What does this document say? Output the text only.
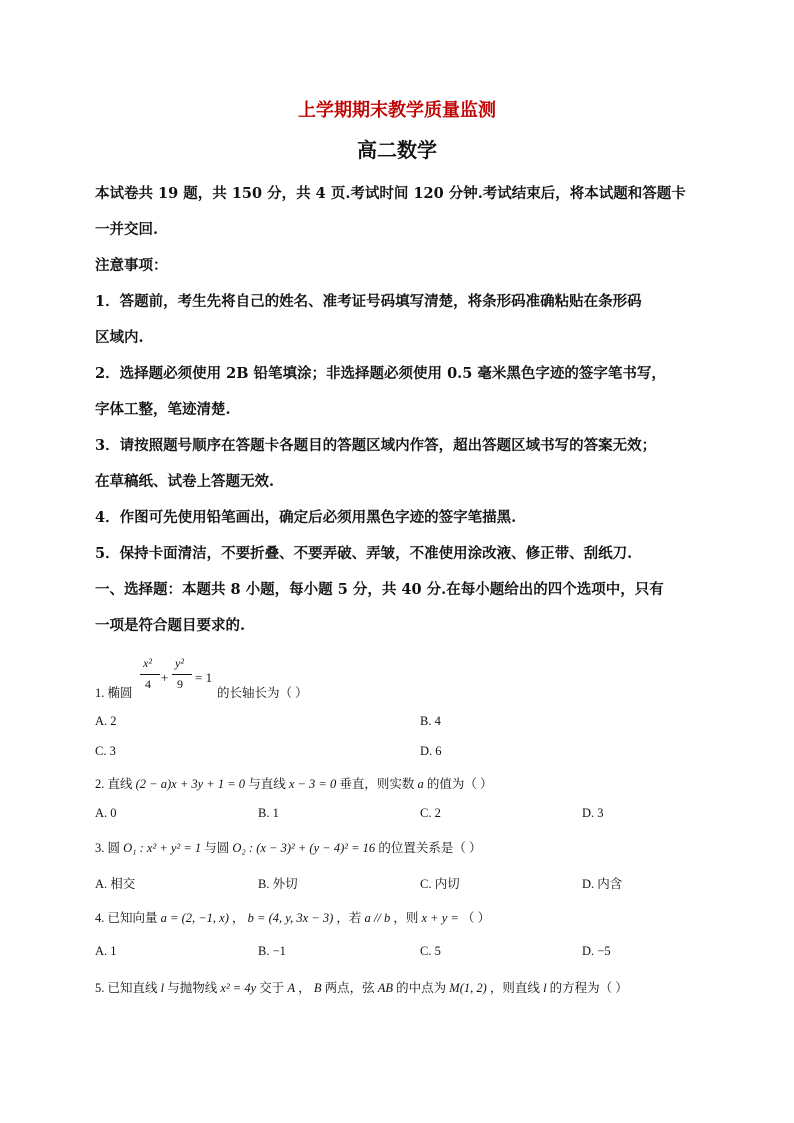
上学期期末教学质量监测
高二数学
本试卷共 19 题，共 150 分，共 4 页.考试时间 120 分钟.考试结束后，将本试题和答题卡
一并交回.
注意事项：
1．答题前，考生先将自己的姓名、准考证号码填写清楚，将条形码准确粘贴在条形码
区域内.
2．选择题必须使用 2B 铅笔填涂；非选择题必须使用 0.5 毫米黑色字迹的签字笔书写，
字体工整，笔迹清楚.
3．请按照题号顺序在答题卡各题目的答题区域内作答，超出答题区域书写的答案无效；
在草稿纸、试卷上答题无效.
4．作图可先使用铅笔画出，确定后必须用黑色字迹的签字笔描黑.
5．保持卡面清洁，不要折叠、不要弄破、弄皱，不准使用涂改液、修正带、刮纸刀.
一、选择题：本题共 8 小题，每小题 5 分，共 40 分.在每小题给出的四个选项中，只有
一项是符合题目要求的.
1. 椭圆
x²
4 +
y²
9 = 1
的长轴长为（ ）
A. 2	B. 4
C. 3	D. 6
2. 直线 (2 − a)x + 3y + 1 = 0 与直线 x − 3 = 0 垂直，则实数 a 的值为（ ）
A. 0	B. 1	C. 2	D. 3
3. 圆 O₁ : x² + y² = 1 与圆 O₂ : (x − 3)² + (y − 4)² = 16 的位置关系是（ ）
A. 相交	B. 外切	C. 内切	D. 内含
4. 已知向量 a = (2, −1, x) ， b = (4, y, 3x − 3) ，若 a // b ，则 x + y = （ ）
A. 1	B. −1	C. 5	D. −5
5. 已知直线 l 与抛物线 x² = 4y 交于 A ， B 两点，弦 AB 的中点为 M(1, 2) ，则直线 l 的方程为（ ）
